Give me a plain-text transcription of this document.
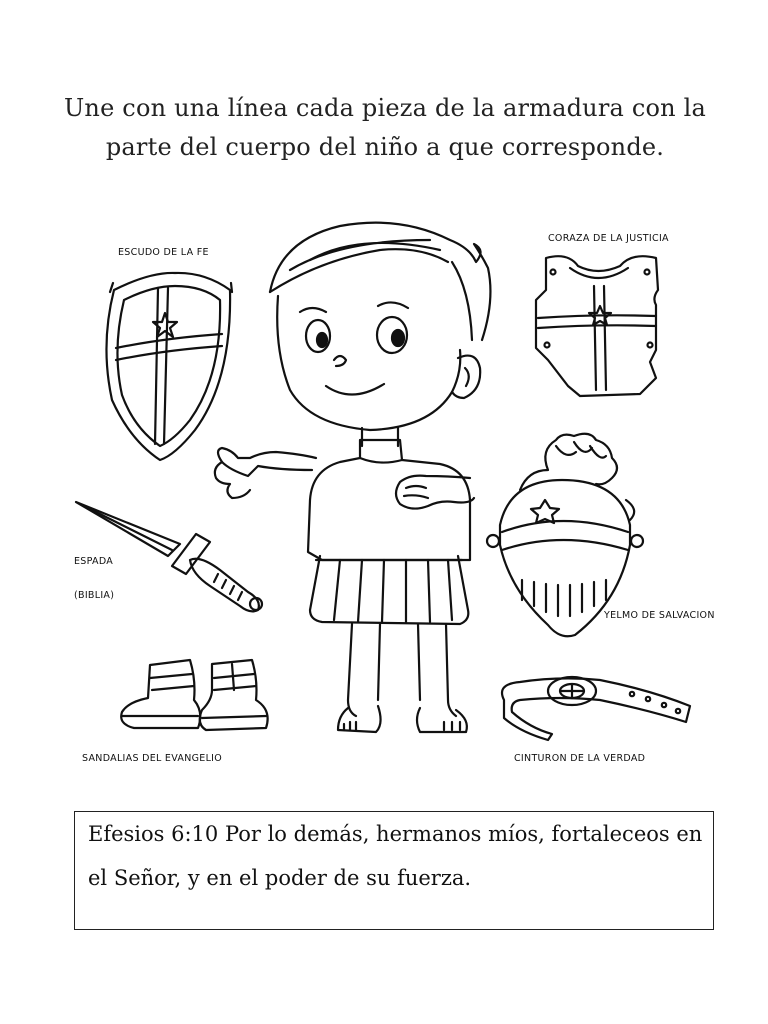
Une con una línea cada pieza de la armadura con la
parte del cuerpo del niño a que corresponde.
ESCUDO DE LA FE
CORAZA DE LA JUSTICIA
ESPADA
(BIBLIA)
YELMO DE SALVACION
SANDALIAS DEL EVANGELIO	CINTURON DE LA VERDAD
Efesios 6:10 Por lo demás, hermanos míos, fortaleceos en
el Señor, y en el poder de su fuerza.
